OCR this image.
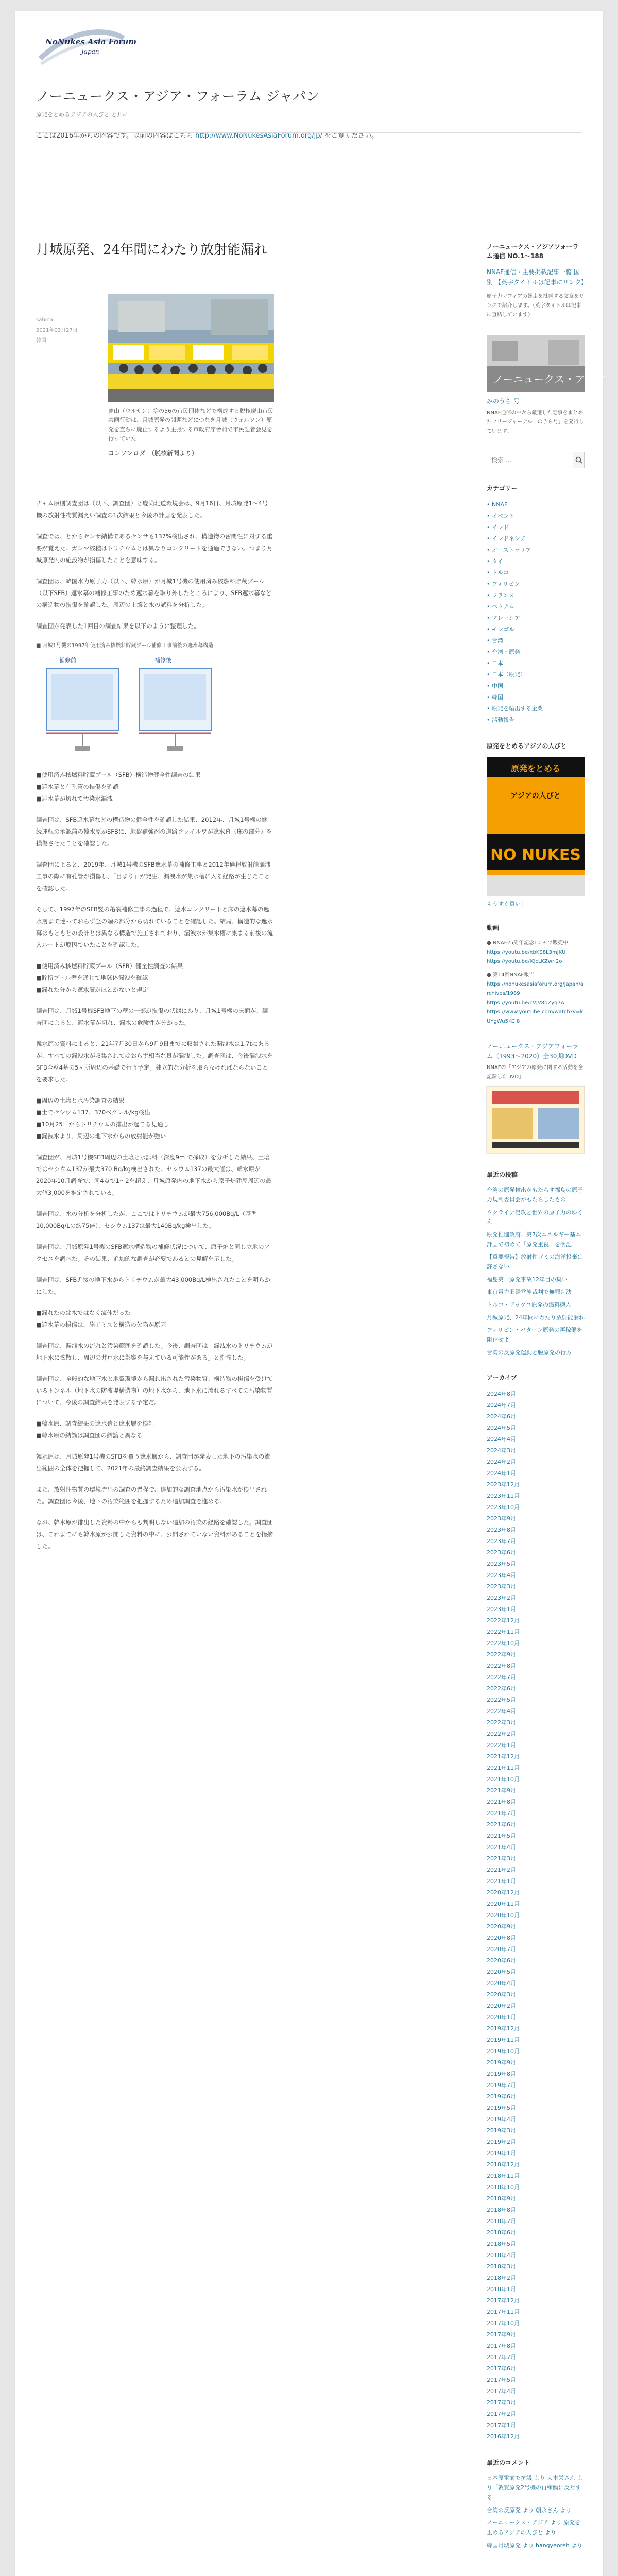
NoNukes Asia Forum
Japan
ノーニュークス・アジア・フォーラム ジャパン
原発をとめるアジアの人びと と共に
ここは2016年からの内容です。以前の内容はこちら http://www.NoNukesAsiaForum.org/jp/ をご覧ください。
月城原発、24年間にわたり放射能漏れ
sabina
2021年03月27日
韓国
慶山（ウルサン）等の56の市民団体などで構成する脱核慶山市民共同行動は、月城原発の問題などにつなぎ月城（ウォルソン）原発を直ちに廃止するよう主張する市政府庁舎前で市民記者会見を行っていた
ヨンソンロダ　（脱核新聞より）

チャム原則調査団は（以下、調査団）と慶尚北道環境会は、9月16日、月城原発1〜4号機の放射性物質漏えい調査の1次結果と今後の計画を発表した。

調査では、とからセンサ結構であるセンサも137%検出され、構造物の密閉性に対する重要が覚えた。ガンマ核種はトリチウムとは異なりコンクリートを通過できない。つまり月城原発内の施設物が損傷したことを意味する。

調査団は、韓国水力原子力（以下、韓水原）が月城1号機の使用済み核燃料貯蔵プール（以下SFB）遮水幕の補修工事のため遮水幕を取り外したところにより、SFB遮水幕などの構造物の損傷を確認した。周辺の土壌と水の試料を分析した。

調査団が発表した1回目の調査結果を以下のように整理した。

■ 月城1号機の1997年使用済み核燃料貯蔵プール補修工事前後の遮水幕構造
補修前	補修後

■使用済み核燃料貯蔵プール（SFB）構造物健全性調査の結果
■遮水幕と有孔管の損傷を確認
■遮水幕が切れて汚染水漏洩

調査団は、SFB遮水幕などの構造物の健全性を確認した結果、2012年、月城1号機の継続運転の承認前の韓水原がSFBに、地盤補強剤の道路ファイルワが遮水幕（床の部分）を損傷させたことを確認した。

調査団によると、2019年、月城1号機のSFB遮水幕の補修工事と2012年過程放射能漏洩工事の際に有孔管が損傷し、「目まり」が発生、漏洩水が集水槽に入る経路が生じたことを確認した。

そして、1997年のSFB竪の亀裂補修工事の過程で、遮水コンクリートと床の遮水幕の遮水層まで達っておらず竪の端の部分から切れていることを確認した。結局、構造的な遮水幕はもともとの設計とは異なる構造で施工されており、漏洩水が集水槽に集まる前後の流入ルートが原因でいたことを確認した。

■使用済み核燃料貯蔵プール（SFB）健全性調査の結果
■貯留プール壁を通じて地球体漏洩を確認
■漏れた分から遮水層がほとかないと規定

調査団は、月城1号機SFB地下の壁の一部が損傷の状態にあり、月城1号機の床面が、調査団によると、遮水幕が切れ、漏水の危険性が分かった。

韓水原の資料によると、21年7月30日から9月9日までに収集された漏洩水は1.7tにあるが、すべての漏洩水が収集されてはおらず相当な量が漏洩した。調査団は、今後漏洩水をSFB全壁4基の5ヶ所周辺の基礎で行う予定。独立的な分析を取らなければならないことを要求した。

■周辺の土壌と水汚染調査の結果
■土でセシウム137、370ベクレル/kg検出
■10月25日からトリチウムの排出が起こる見通し
■漏洩水より、周辺の地下水からの放射能が強い

調査団が、月城1号機SFB周辺の土壌と水試料（深度9m で採取）を分析した結果、土壌ではセシウム137が最大370 Bq/kg検出された。セシウム137の最大値は、韓水原が2020年10月調査で、同4点で1〜2を超え、月城原発内の地下水から原子炉建屋周辺の最大値3,000を推定されている。

調査団は、水の分析を分析したが、ここではトリチウムが最大756,000Bq/L（基準10,000Bq/Lの約75倍）、セシウム137は最大140Bq/kg検出した。

調査団は、月城原発1号機のSFB遮水構造物の補修状況について、原子炉と同じ立地のアクセスを調べた。その結果、追加的な調査が必要であるとの見解を示した。

調査団は、SFB近接の地下水からトリチウムが最大43,000Bq/L検出されたことを明らかにした。

■漏れたのは水ではなく流体だった
■遮水幕の損傷は、施工ミスと構造の欠陥が原因

調査団は、漏洩水の流れと汚染範囲を確認した。今後、調査団は「漏洩水のトリチウムが地下水に拡散し、周辺の井戸水に影響を与えている可能性がある」と指摘した。

調査団は、全般的な地下水と地盤環境から漏れ出された汚染物質、構造物の損傷を受けているトンネル（地下水の防波堤構造物）の地下水から、地下水に流れるすべての汚染物質について、今後の調査結果を発表する予定だ。

■韓水原、調査結果の遮水幕と遮水層を検証
■韓水原の結論は調査団の結論と異なる

韓水原は、月城原発1号機のSFBを覆う遮水層から、調査団が発表した地下の汚染水の流出範囲の全体を把握して、2021年の最終調査結果を公表する。

また、放射性物質の環境流出の調査の過程で、追加的な調査地点から汚染水が検出された。調査団は今後、地下の汚染範囲を把握するため追加調査を進める。

なお、韓水原が排出した資料の中からも判明しない追加の汚染の経路を確認した。調査団は、これまでにも韓水原が公開した資料の中に、公開されていない資料があることを指摘した。

ノーニュークス・アジアフォーラム通信 NO.1〜188
NNAF通信・主要掲載記事一覧 国別 【英字タイトルは記事にリンク】
原子力マフィアの暴走を批判する文章をリンクで紹介します。（英字タイトルは記事に直結しています）
ノーニュークス・アジア
みのうら 号
NNAF通信の中から厳選した記事をまとめたフリージャーナル「のうら号」を発行しています。
検索 …
カテゴリー
• NNAF
• イベント
• インド
• インドネシア
• オーストラリア
• タイ
• トルコ
• フィリピン
• フランス
• ベトナム
• マレーシア
• モンゴル
• 台湾
• 台湾・原発
• 日本
• 日本（原発）
• 中国
• 韓国
• 原発を輸出する企業
• 活動報告
原発をとめるアジアの人びと
原発をとめる
アジアの人びと
NO NUKES
もうすぐ買い！
動画
● NNAF25周年記念Tシャツ販売中
https://youtu.be/xbKS8L3mJKU
https://youtu.be/IQcLKZwrl2o
● 第14回NNAF報告
https://nonukesasiaforum.org/japan/archives/1989
https://youtu.be/cVJV8bZyq7A
https://www.youtube.com/watch?v=kUYgWu5KCI8
ノーニュークス・アジアフォーラム（1993〜2020）全30期DVD
NNAFの「アジアの原発に関する活動を全記録したDVD」
最近の投稿
台湾の原発輸出がもたらす福島の原子力規制委員会がもたらしたもの
ウクライナ侵攻と世界の原子力のゆくえ
原発推進政府、第7次エネルギー基本計画で初めて「原発重視」を明記
【重要報告】放射性ゴミの海洋投棄は許さない
福島第一原発事故12年目の集い
東京電力旧経営陣裁判で無罪判決
トルコ・アックユ原発の燃料搬入
月城原発、24年間にわたり放射能漏れ
フィリピン・バターン原発の再稼働を阻止せよ
台湾の反原発運動と脱原発の行方
アーカイブ
2024年8月
2024年7月
2024年6月
2024年5月
2024年4月
2024年3月
2024年2月
2024年1月
2023年12月
2023年11月
2023年10月
2023年9月
2023年8月
2023年7月
2023年6月
2023年5月
2023年4月
2023年3月
2023年2月
2023年1月
2022年12月
2022年11月
2022年10月
2022年9月
2022年8月
2022年7月
2022年6月
2022年5月
2022年4月
2022年3月
2022年2月
2022年1月
2021年12月
2021年11月
2021年10月
2021年9月
2021年8月
2021年7月
2021年6月
2021年5月
2021年4月
2021年3月
2021年2月
2021年1月
2020年12月
2020年11月
2020年10月
2020年9月
2020年8月
2020年7月
2020年6月
2020年5月
2020年4月
2020年3月
2020年2月
2020年1月
2019年12月
2019年11月
2019年10月
2019年9月
2019年8月
2019年7月
2019年6月
2019年5月
2019年4月
2019年3月
2019年2月
2019年1月
2018年12月
2018年11月
2018年10月
2018年9月
2018年8月
2018年7月
2018年6月
2018年5月
2018年4月
2018年3月
2018年2月
2018年1月
2017年12月
2017年11月
2017年10月
2017年9月
2017年8月
2017年7月
2017年6月
2017年5月
2017年4月
2017年3月
2017年2月
2017年1月
2016年12月
最近のコメント
日本原電前で抗議 より 大本栄さん より「敦賀原発2号機の再稼働に反対する」
台湾の反原発 より 朝永さん より
ノーニュークス・アジア より 原発を止めるアジアの人びと より
韓国月城原発 より hangyeoreh より
